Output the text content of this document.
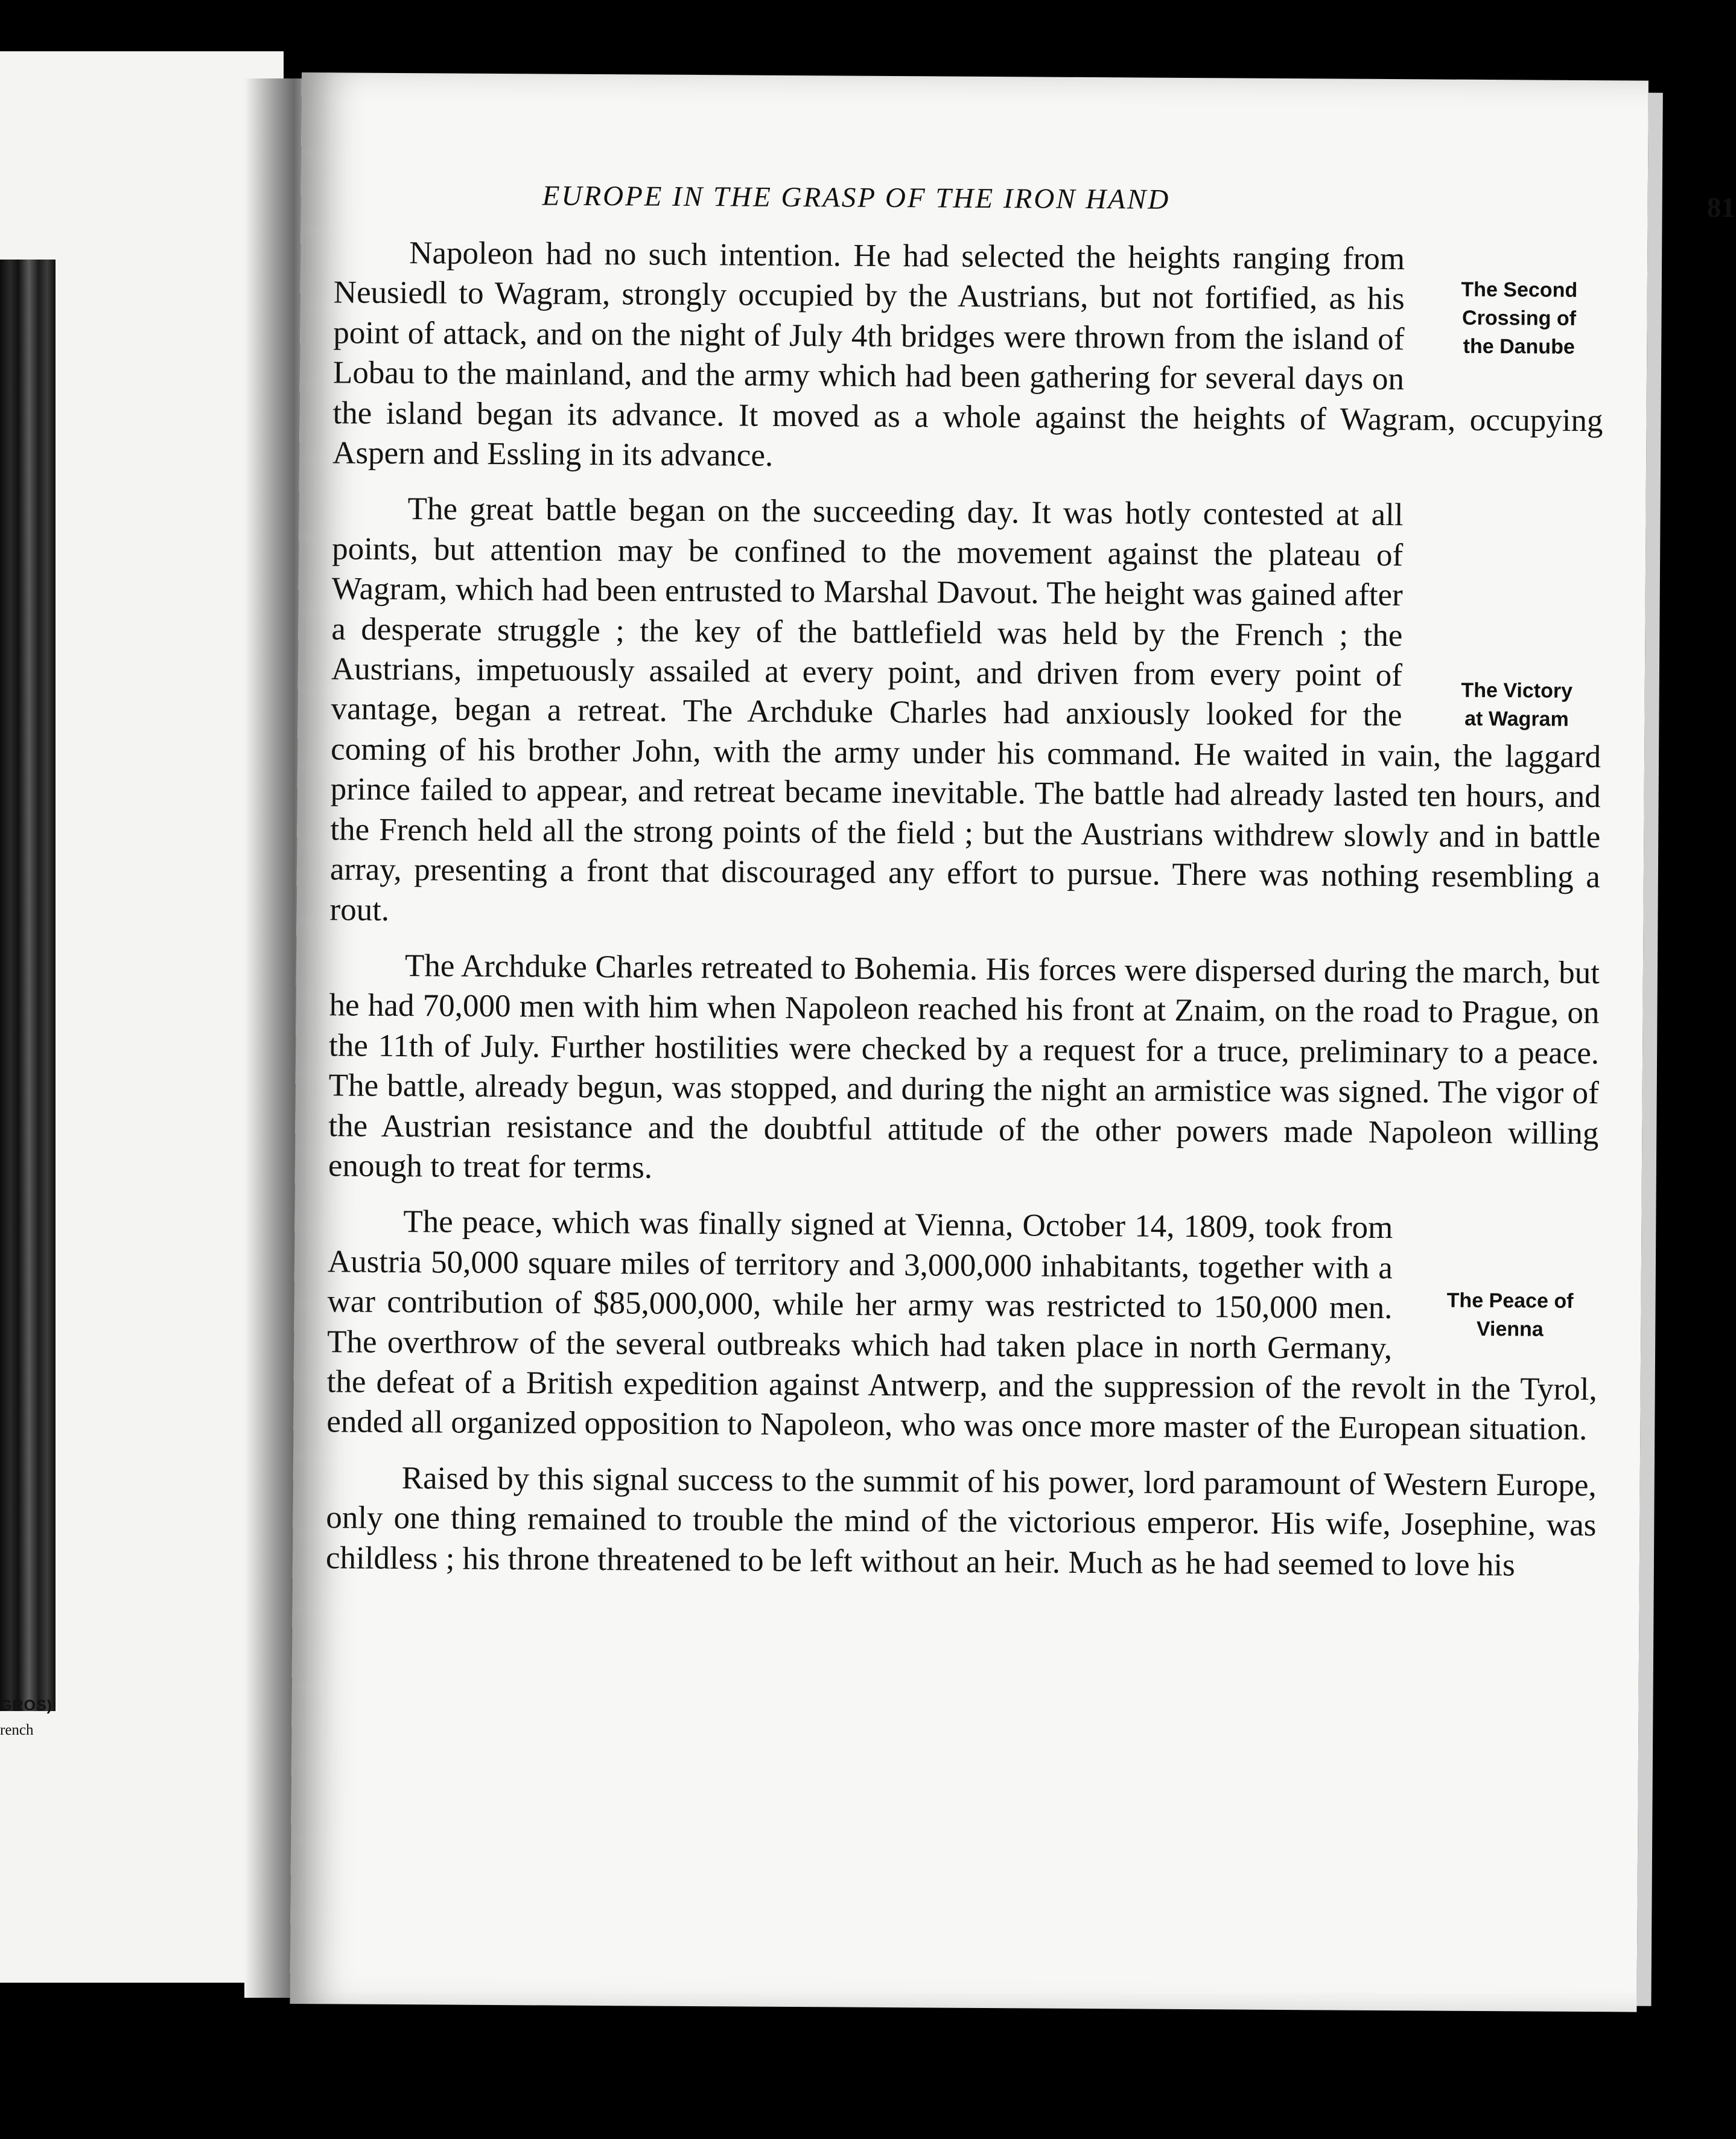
GROS)
rench
EUROPE IN THE GRASP OF THE IRON HAND	81

The Second
Crossing of
the Danube
Napoleon had no such intention. He had selected the heights ranging from Neusiedl to Wagram, strongly occupied by the Austrians, but not fortified, as his point of attack, and on the night of July 4th bridges were thrown from the island of Lobau to the mainland, and the army which had been gathering for several days on the island began its advance. It moved as a whole against the heights of Wagram, occupying Aspern and Essling in its advance.

The Victory
at Wagram
The great battle began on the succeeding day. It was hotly contested at all points, but attention may be confined to the movement against the plateau of Wagram, which had been entrusted to Marshal Davout. The height was gained after a desperate struggle ; the key of the battlefield was held by the French ; the Austrians, impetuously assailed at every point, and driven from every point of vantage, began a retreat. The Archduke Charles had anxiously looked for the coming of his brother John, with the army under his command. He waited in vain, the laggard prince failed to appear, and retreat became inevitable. The battle had already lasted ten hours, and the French held all the strong points of the field ; but the Austrians withdrew slowly and in battle array, presenting a front that discouraged any effort to pursue. There was nothing resembling a rout.

The Archduke Charles retreated to Bohemia. His forces were dispersed during the march, but he had 70,000 men with him when Napoleon reached his front at Znaim, on the road to Prague, on the 11th of July. Further hostilities were checked by a request for a truce, preliminary to a peace. The battle, already begun, was stopped, and during the night an armistice was signed. The vigor of the Austrian resistance and the doubtful attitude of the other powers made Napoleon willing enough to treat for terms.

The Peace of
Vienna
The peace, which was finally signed at Vienna, October 14, 1809, took from Austria 50,000 square miles of territory and 3,000,000 inhabitants, together with a war contribution of $85,000,000, while her army was restricted to 150,000 men. The overthrow of the several outbreaks which had taken place in north Germany, the defeat of a British expedition against Antwerp, and the suppression of the revolt in the Tyrol, ended all organized opposition to Napoleon, who was once more master of the European situation.

Raised by this signal success to the summit of his power, lord paramount of Western Europe, only one thing remained to trouble the mind of the victorious emperor. His wife, Josephine, was childless ; his throne threatened to be left without an heir. Much as he had seemed to love his
